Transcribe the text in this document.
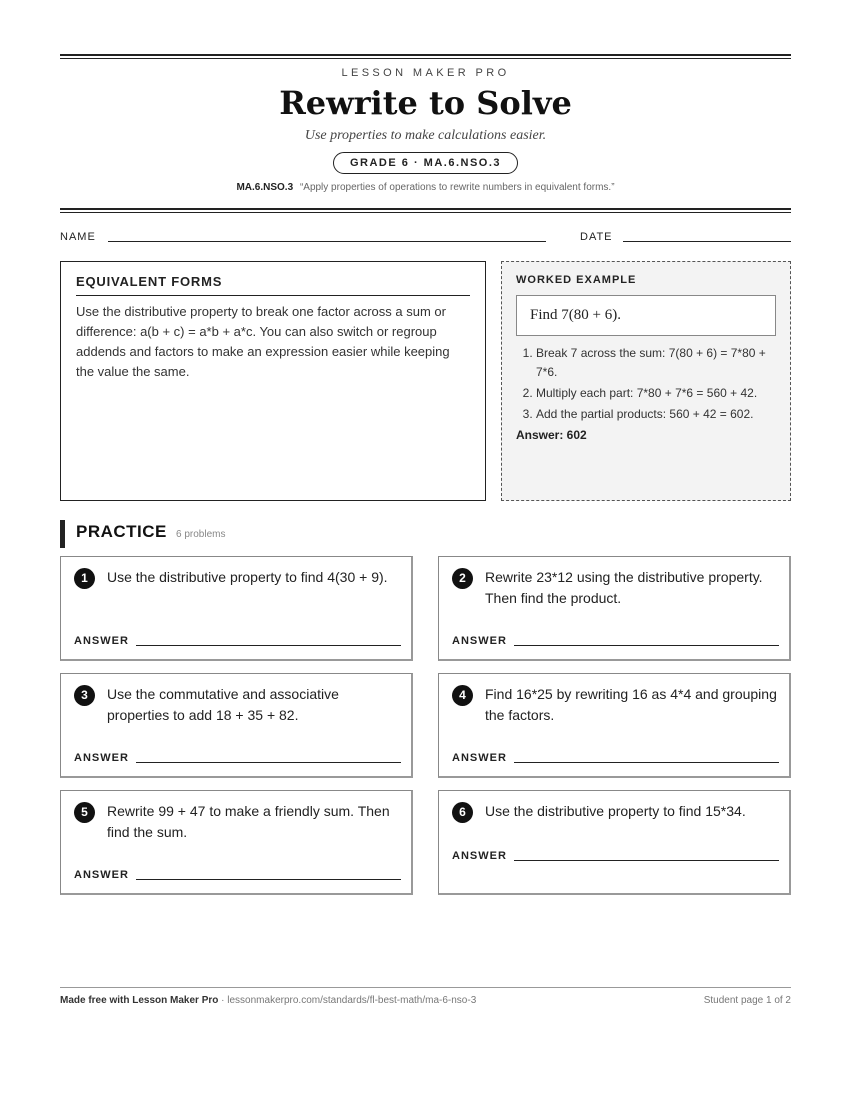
LESSON MAKER PRO
Rewrite to Solve
Use properties to make calculations easier.
GRADE 6 · MA.6.NSO.3
MA.6.NSO.3 “Apply properties of operations to rewrite numbers in equivalent forms.”
NAME	DATE
EQUIVALENT FORMS
Use the distributive property to break one factor across a sum or difference: a(b + c) = a*b + a*c. You can also switch or regroup addends and factors to make an expression easier while keeping the value the same.
WORKED EXAMPLE
Find 7(80 + 6).
1. Break 7 across the sum: 7(80 + 6) = 7*80 + 7*6.
2. Multiply each part: 7*80 + 7*6 = 560 + 42.
3. Add the partial products: 560 + 42 = 602.
Answer: 602
PRACTICE 6 problems
1	Use the distributive property to find 4(30 + 9).
ANSWER
2	Rewrite 23*12 using the distributive property. Then find the product.
ANSWER
3	Use the commutative and associative properties to add 18 + 35 + 82.
ANSWER
4	Find 16*25 by rewriting 16 as 4*4 and grouping the factors.
ANSWER
5	Rewrite 99 + 47 to make a friendly sum. Then find the sum.
ANSWER
6	Use the distributive property to find 15*34.
ANSWER
Made free with Lesson Maker Pro · lessonmakerpro.com/standards/fl-best-math/ma-6-nso-3	Student page 1 of 2
